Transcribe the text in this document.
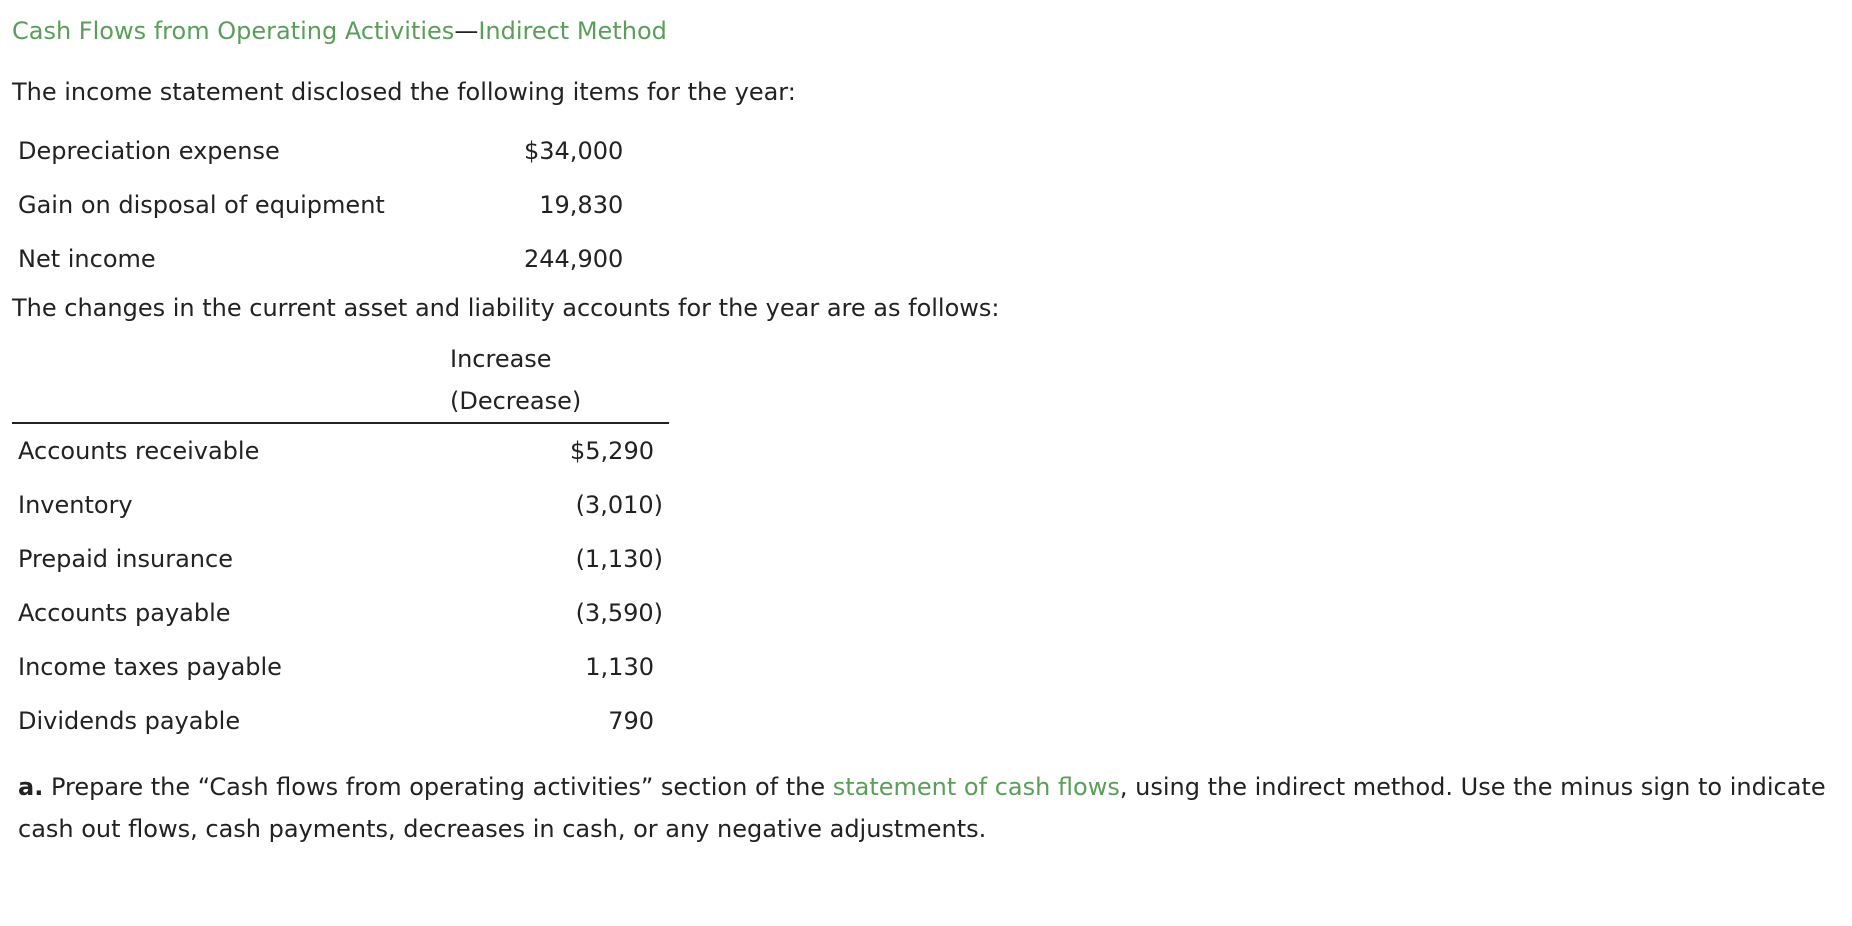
Cash Flows from Operating Activities—Indirect Method

The income statement disclosed the following items for the year:

Depreciation expense	$34,000
Gain on disposal of equipment	19,830
Net income	244,900

The changes in the current asset and liability accounts for the year are as follows:

Increase
(Decrease)	

Accounts receivable	$5,290
Inventory	(3,010)
Prepaid insurance	(1,130)
Accounts payable	(3,590)
Income taxes payable	1,130
Dividends payable	790

a. Prepare the “Cash flows from operating activities” section of the statement of cash flows, using the indirect method. Use the minus sign to indicate cash out flows, cash payments, decreases in cash, or any negative adjustments.
